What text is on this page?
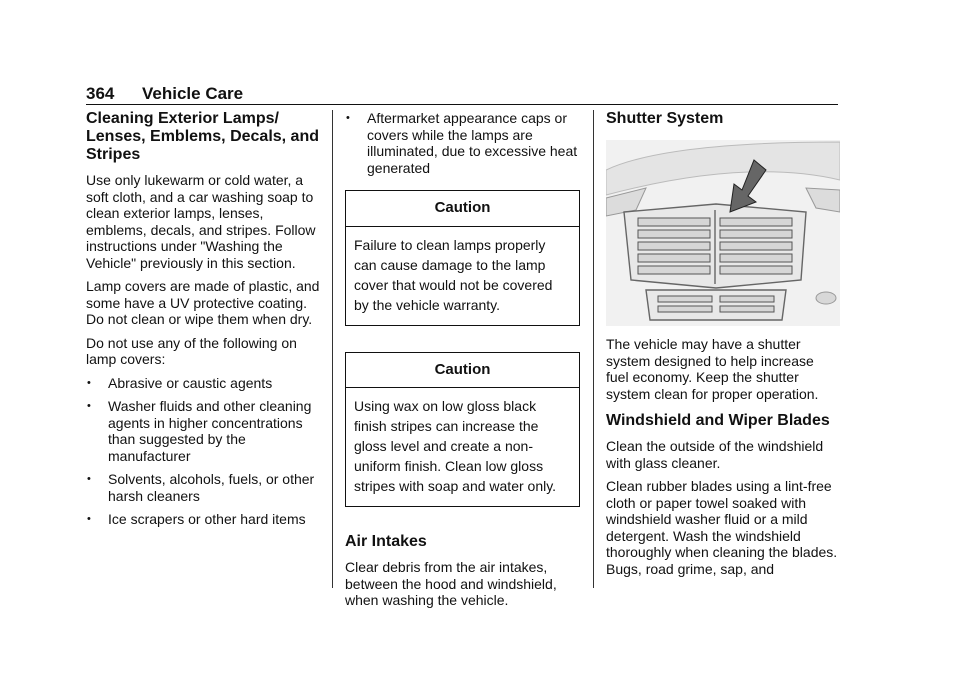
364 Vehicle Care
Cleaning Exterior Lamps/ Lenses, Emblems, Decals, and Stripes

Use only lukewarm or cold water, a soft cloth, and a car washing soap to clean exterior lamps, lenses, emblems, decals, and stripes. Follow instructions under "Washing the Vehicle" previously in this section.

Lamp covers are made of plastic, and some have a UV protective coating. Do not clean or wipe them when dry.

Do not use any of the following on lamp covers:

• Abrasive or caustic agents
• Washer fluids and other cleaning agents in higher concentrations than suggested by the manufacturer
• Solvents, alcohols, fuels, or other harsh cleaners
• Ice scrapers or other hard items
• Aftermarket appearance caps or covers while the lamps are illuminated, due to excessive heat generated
Caution
Failure to clean lamps properly can cause damage to the lamp cover that would not be covered by the vehicle warranty.
Caution
Using wax on low gloss black finish stripes can increase the gloss level and create a non-uniform finish. Clean low gloss stripes with soap and water only.
Air Intakes

Clear debris from the air intakes, between the hood and windshield, when washing the vehicle.

Shutter System

The vehicle may have a shutter system designed to help increase fuel economy. Keep the shutter system clean for proper operation.

Windshield and Wiper Blades

Clean the outside of the windshield with glass cleaner.

Clean rubber blades using a lint-free cloth or paper towel soaked with windshield washer fluid or a mild detergent. Wash the windshield thoroughly when cleaning the blades. Bugs, road grime, sap, and
